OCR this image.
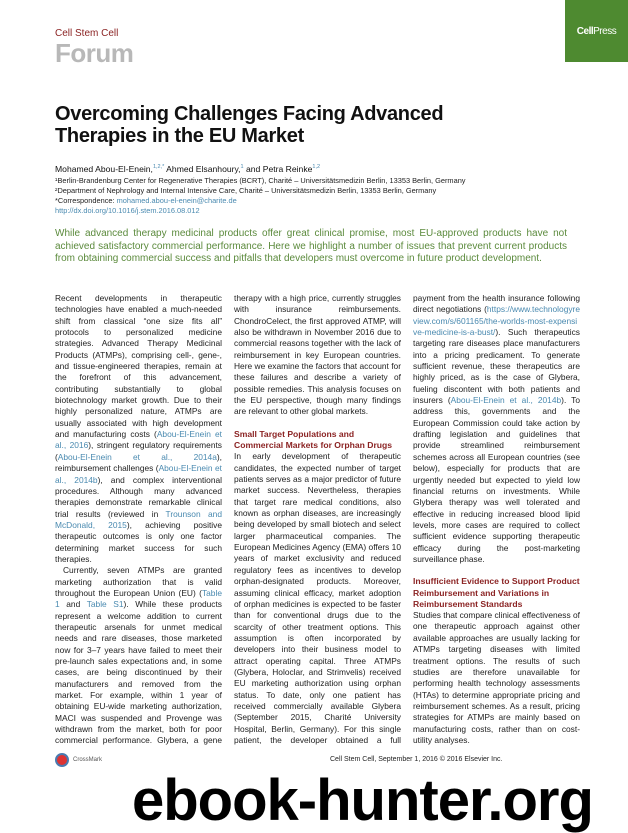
Cell Stem Cell
Forum
Cell Press
Overcoming Challenges Facing Advanced Therapies in the EU Market
Mohamed Abou-El-Enein,$^{1,2,*}$ Ahmed Elsanhoury,$^1$ and Petra Reinke$^{1,2}$
¹Berlin-Brandenburg Center for Regenerative Therapies (BCRT), Charité – Universitätsmedizin Berlin, 13353 Berlin, Germany
²Department of Nephrology and Internal Intensive Care, Charité – Universitätsmedizin Berlin, 13353 Berlin, Germany
*Correspondence: mohamed.abou-el-enein@charite.de
http://dx.doi.org/10.1016/j.stem.2016.08.012

While advanced therapy medicinal products offer great clinical promise, most EU-approved products have not achieved satisfactory commercial performance. Here we highlight a number of issues that prevent current products from obtaining commercial success and pitfalls that developers must overcome in future product development.

Recent developments in therapeutic technologies have enabled a much-needed shift from classical “one size fits all” protocols to personalized medicine strategies. Advanced Therapy Medicinal Products (ATMPs), comprising cell-, gene-, and tissue-engineered therapies, remain at the forefront of this advancement, contributing substantially to global biotechnology market growth. Due to their highly personalized nature, ATMPs are usually associated with high development and manufacturing costs (Abou-El-Enein et al., 2016), stringent regulatory requirements (Abou-El-Enein et al., 2014a), reimbursement challenges (Abou-El-Enein et al., 2014b), and complex interventional procedures. Although many advanced therapies demonstrate remarkable clinical trial results (reviewed in Trounson and McDonald, 2015), achieving positive therapeutic outcomes is only one factor determining market success for such therapies.

Currently, seven ATMPs are granted marketing authorization that is valid throughout the European Union (EU) (Table 1 and Table S1). While these products represent a welcome addition to current therapeutic arsenals for unmet medical needs and rare diseases, those marketed now for 3–7 years have failed to meet their pre-launch sales expectations and, in some cases, are being discontinued by their manufacturers and removed from the market. For example, within 1 year of obtaining EU-wide marketing authorization, MACI was suspended and Provenge was withdrawn from the market, both for poor commercial performance. Glybera, a gene therapy with a high price, currently struggles with insurance reimbursements. ChondroCelect, the first approved ATMP, will also be withdrawn in November 2016 due to commercial reasons together with the lack of reimbursement in key European countries. Here we examine the factors that account for these failures and describe a variety of possible remedies. This analysis focuses on the EU perspective, though many findings are relevant to other global markets.

Small Target Populations and Commercial Markets for Orphan Drugs

In early development of therapeutic candidates, the expected number of target patients serves as a major predictor of future market success. Nevertheless, therapies that target rare medical conditions, also known as orphan diseases, are increasingly being developed by small biotech and select larger pharmaceutical companies. The European Medicines Agency (EMA) offers 10 years of market exclusivity and reduced regulatory fees as incentives to develop orphan-designated products. Moreover, assuming clinical efficacy, market adoption of orphan medicines is expected to be faster than for conventional drugs due to the scarcity of other treatment options. This assumption is often incorporated by developers into their business model to attract operating capital. Three ATMPs (Glybera, Holoclar, and Strimvelis) received EU marketing authorization using orphan status. To date, only one patient has received commercially available Glybera (September 2015, Charité University Hospital, Berlin, Germany). For this single patient, the developer obtained a full payment from the health insurance following direct negotiations (https://www.technologyreview.com/s/601165/the-worlds-most-expensive-medicine-is-a-bust/). Such therapeutics targeting rare diseases place manufacturers into a pricing predicament. To generate sufficient revenue, these therapeutics are highly priced, as is the case of Glybera, fueling discontent with both patients and insurers (Abou-El-Enein et al., 2014b). To address this, governments and the European Commission could take action by drafting legislation and guidelines that provide streamlined reimbursement schemes across all European countries (see below), especially for products that are urgently needed but expected to yield low financial returns on investments. While Glybera therapy was well tolerated and effective in reducing increased blood lipid levels, more cases are required to collect sufficient evidence supporting therapeutic efficacy during the post-marketing surveillance phase.

Insufficient Evidence to Support Product Reimbursement and Variations in Reimbursement Standards

Studies that compare clinical effectiveness of one therapeutic approach against other available approaches are usually lacking for ATMPs targeting diseases with limited treatment options. The results of such studies are therefore unavailable for performing health technology assessments (HTAs) to determine appropriate pricing and reimbursement schemes. As a result, pricing strategies for ATMPs are mainly based on manufacturing costs, rather than on cost-utility analyses.

CrossMark	Cell Stem Cell, September 1, 2016 © 2016 Elsevier Inc.
ebook-hunter.org
